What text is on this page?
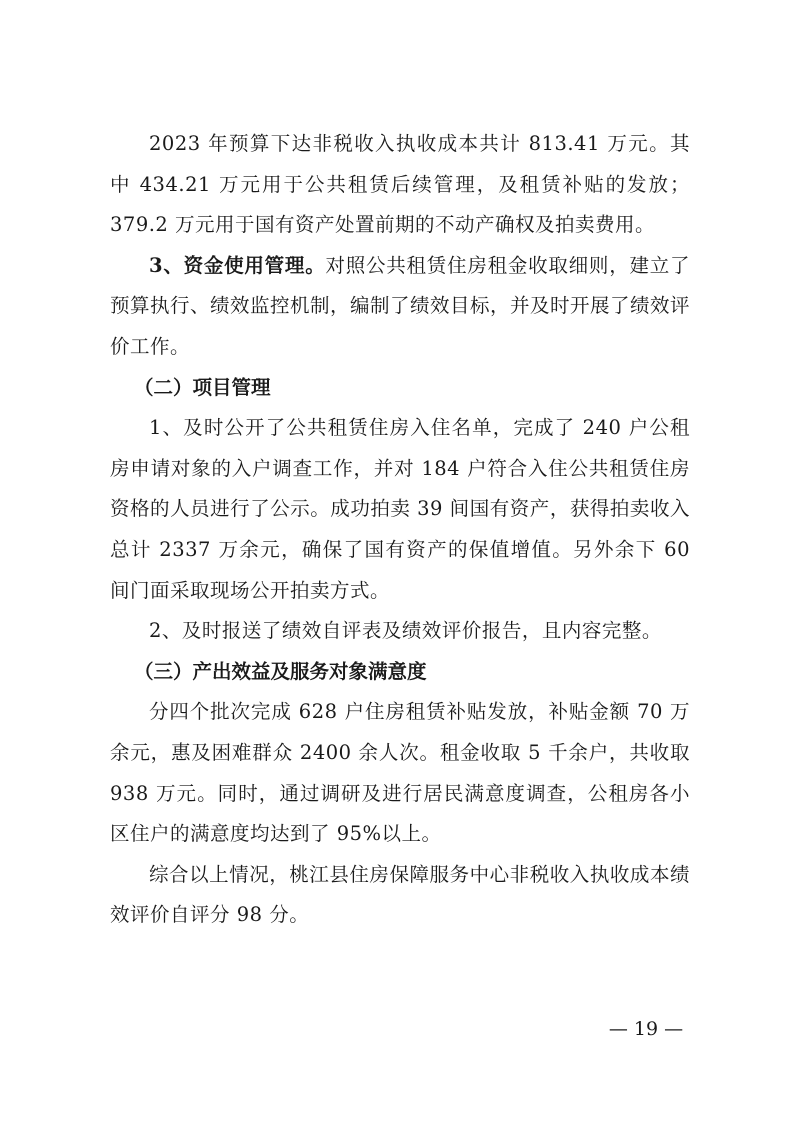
2023 年预算下达非税收入执收成本共计 813.41 万元。其中 434.21 万元用于公共租赁后续管理，及租赁补贴的发放；379.2 万元用于国有资产处置前期的不动产确权及拍卖费用。

3、资金使用管理。对照公共租赁住房租金收取细则，建立了预算执行、绩效监控机制，编制了绩效目标，并及时开展了绩效评价工作。

（二）项目管理

1、及时公开了公共租赁住房入住名单，完成了 240 户公租房申请对象的入户调查工作，并对 184 户符合入住公共租赁住房资格的人员进行了公示。成功拍卖 39 间国有资产，获得拍卖收入总计 2337 万余元，确保了国有资产的保值增值。另外余下 60 间门面采取现场公开拍卖方式。

2、及时报送了绩效自评表及绩效评价报告，且内容完整。

（三）产出效益及服务对象满意度

分四个批次完成 628 户住房租赁补贴发放，补贴金额 70 万余元，惠及困难群众 2400 余人次。租金收取 5 千余户，共收取 938 万元。同时，通过调研及进行居民满意度调查，公租房各小区住户的满意度均达到了 95%以上。

综合以上情况，桃江县住房保障服务中心非税收入执收成本绩效评价自评分 98 分。

— 19 —
